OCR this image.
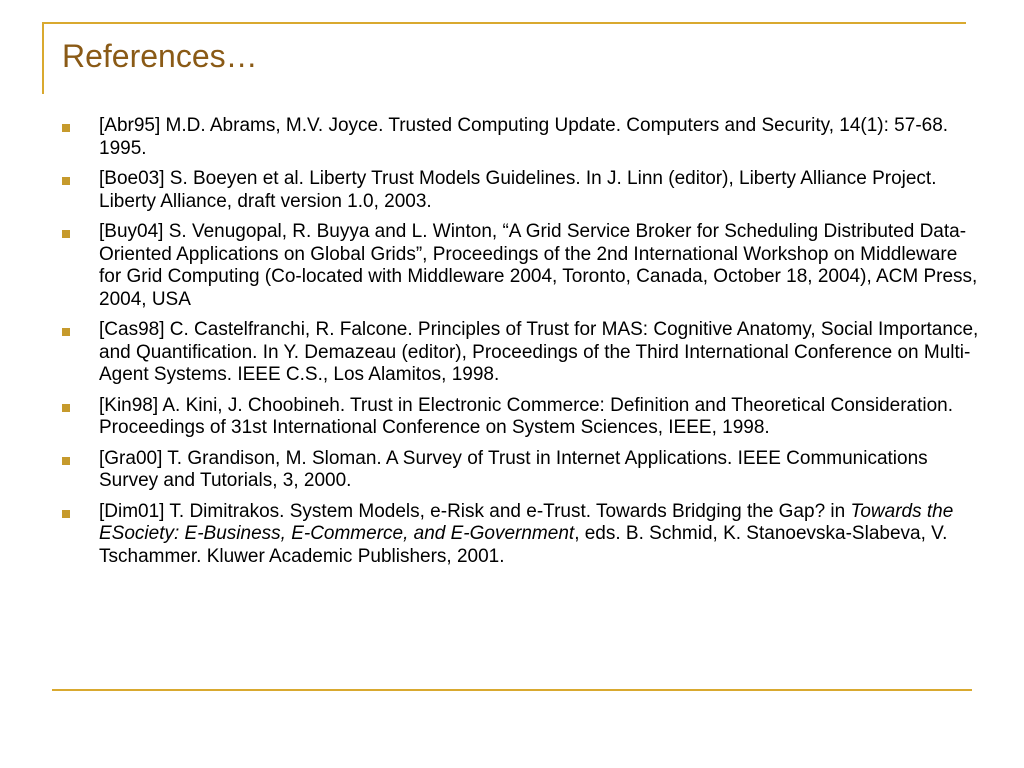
References…
[Abr95] M.D. Abrams, M.V. Joyce. Trusted Computing Update. Computers and Security, 14(1): 57-68. 1995.
[Boe03] S. Boeyen et al. Liberty Trust Models Guidelines. In J. Linn (editor), Liberty Alliance Project. Liberty Alliance, draft version 1.0, 2003.
[Buy04] S. Venugopal, R. Buyya and L. Winton, “A Grid Service Broker for Scheduling Distributed Data-Oriented Applications on Global Grids”, Proceedings of the 2nd International Workshop on Middleware for Grid Computing (Co-located with Middleware 2004, Toronto, Canada, October 18, 2004), ACM Press, 2004, USA
[Cas98] C. Castelfranchi, R. Falcone. Principles of Trust for MAS: Cognitive Anatomy, Social Importance, and Quantification. In Y. Demazeau (editor), Proceedings of the Third International Conference on Multi-Agent Systems. IEEE C.S., Los Alamitos, 1998.
[Kin98] A. Kini, J. Choobineh. Trust in Electronic Commerce: Definition and Theoretical Consideration. Proceedings of 31st International Conference on System Sciences, IEEE, 1998.
[Gra00] T. Grandison, M. Sloman. A Survey of Trust in Internet Applications. IEEE Communications Survey and Tutorials, 3, 2000.
[Dim01] T. Dimitrakos. System Models, e-Risk and e-Trust. Towards Bridging the Gap? in Towards the ESociety: E-Business, E-Commerce, and E-Government, eds. B. Schmid, K. Stanoevska-Slabeva, V. Tschammer. Kluwer Academic Publishers, 2001.
